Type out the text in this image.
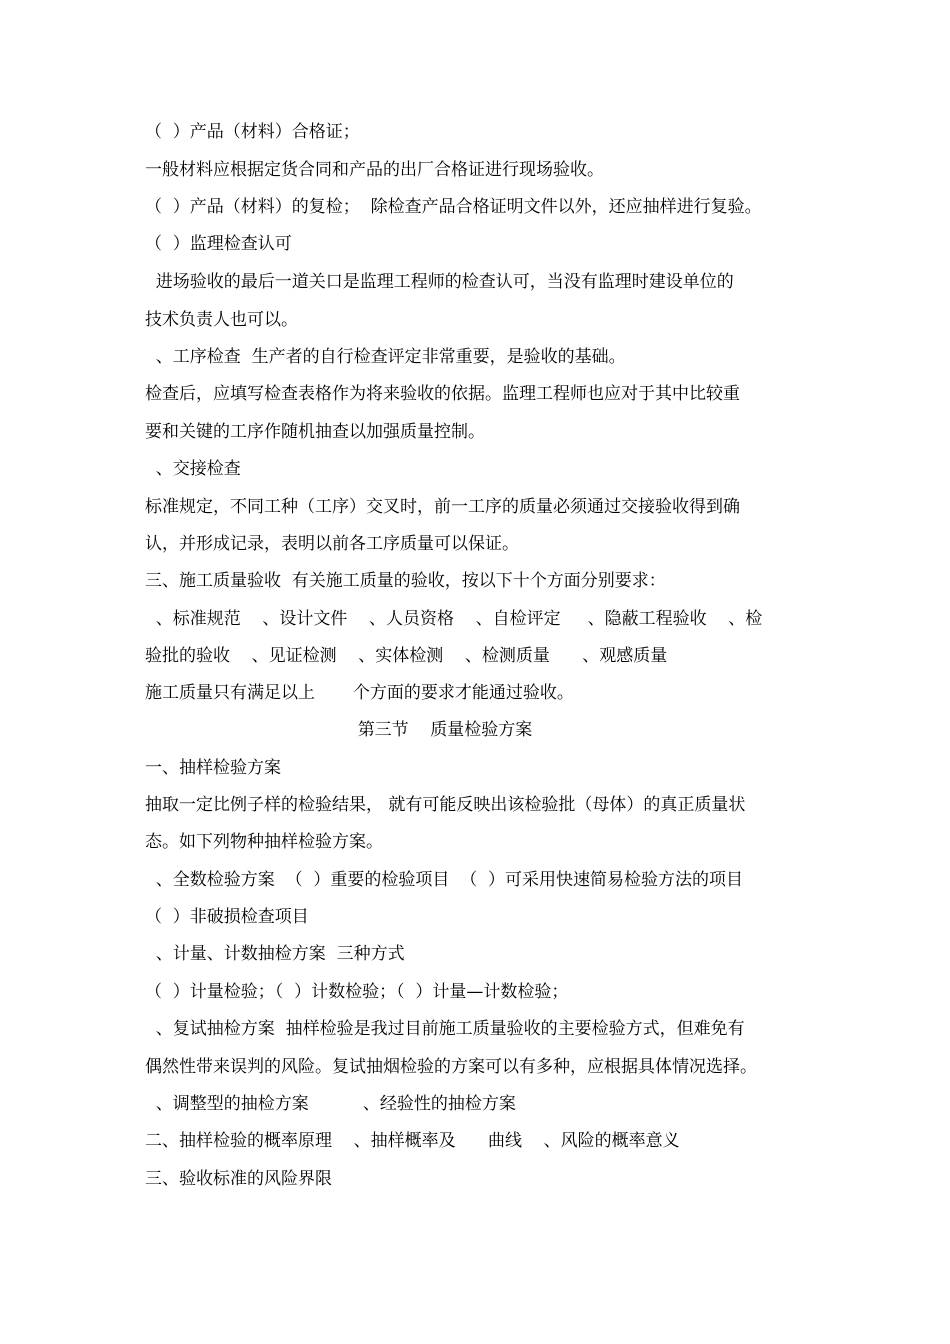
（  ）产品（材料）合格证；
一般材料应根据定货合同和产品的出厂合格证进行现场验收。
（  ）产品（材料）的复检；  除检查产品合格证明文件以外，还应抽样进行复验。
（  ）监理检查认可
进场验收的最后一道关口是监理工程师的检查认可，当没有监理时建设单位的
技术负责人也可以。
、工序检查  生产者的自行检查评定非常重要，是验收的基础。
检查后，应填写检查表格作为将来验收的依据。监理工程师也应对于其中比较重
要和关键的工序作随机抽查以加强质量控制。
、交接检查
标准规定，不同工种（工序）交叉时，前一工序的质量必须通过交接验收得到确
认，并形成记录，表明以前各工序质量可以保证。
三、施工质量验收  有关施工质量的验收，按以下十个方面分别要求：
、标准规范    、设计文件    、人员资格    、自检评定     、隐蔽工程验收    、检
验批的验收    、见证检测    、实体检测    、检测质量      、观感质量
施工质量只有满足以上       个方面的要求才能通过验收。
第三节    质量检验方案
一、抽样检验方案
抽取一定比例子样的检验结果， 就有可能反映出该检验批（母体）的真正质量状
态。如下列物种抽样检验方案。
、全数检验方案  （  ）重要的检验项目  （  ）可采用快速简易检验方法的项目
（  ）非破损检查项目
、计量、计数抽检方案  三种方式
（  ）计量检验；（  ）计数检验；（  ）计量—计数检验；
、复试抽检方案  抽样检验是我过目前施工质量验收的主要检验方式，但难免有
偶然性带来误判的风险。复试抽烟检验的方案可以有多种，应根据具体情况选择。
、调整型的抽检方案          、经验性的抽检方案
二、抽样检验的概率原理    、抽样概率及      曲线    、风险的概率意义
三、验收标准的风险界限
